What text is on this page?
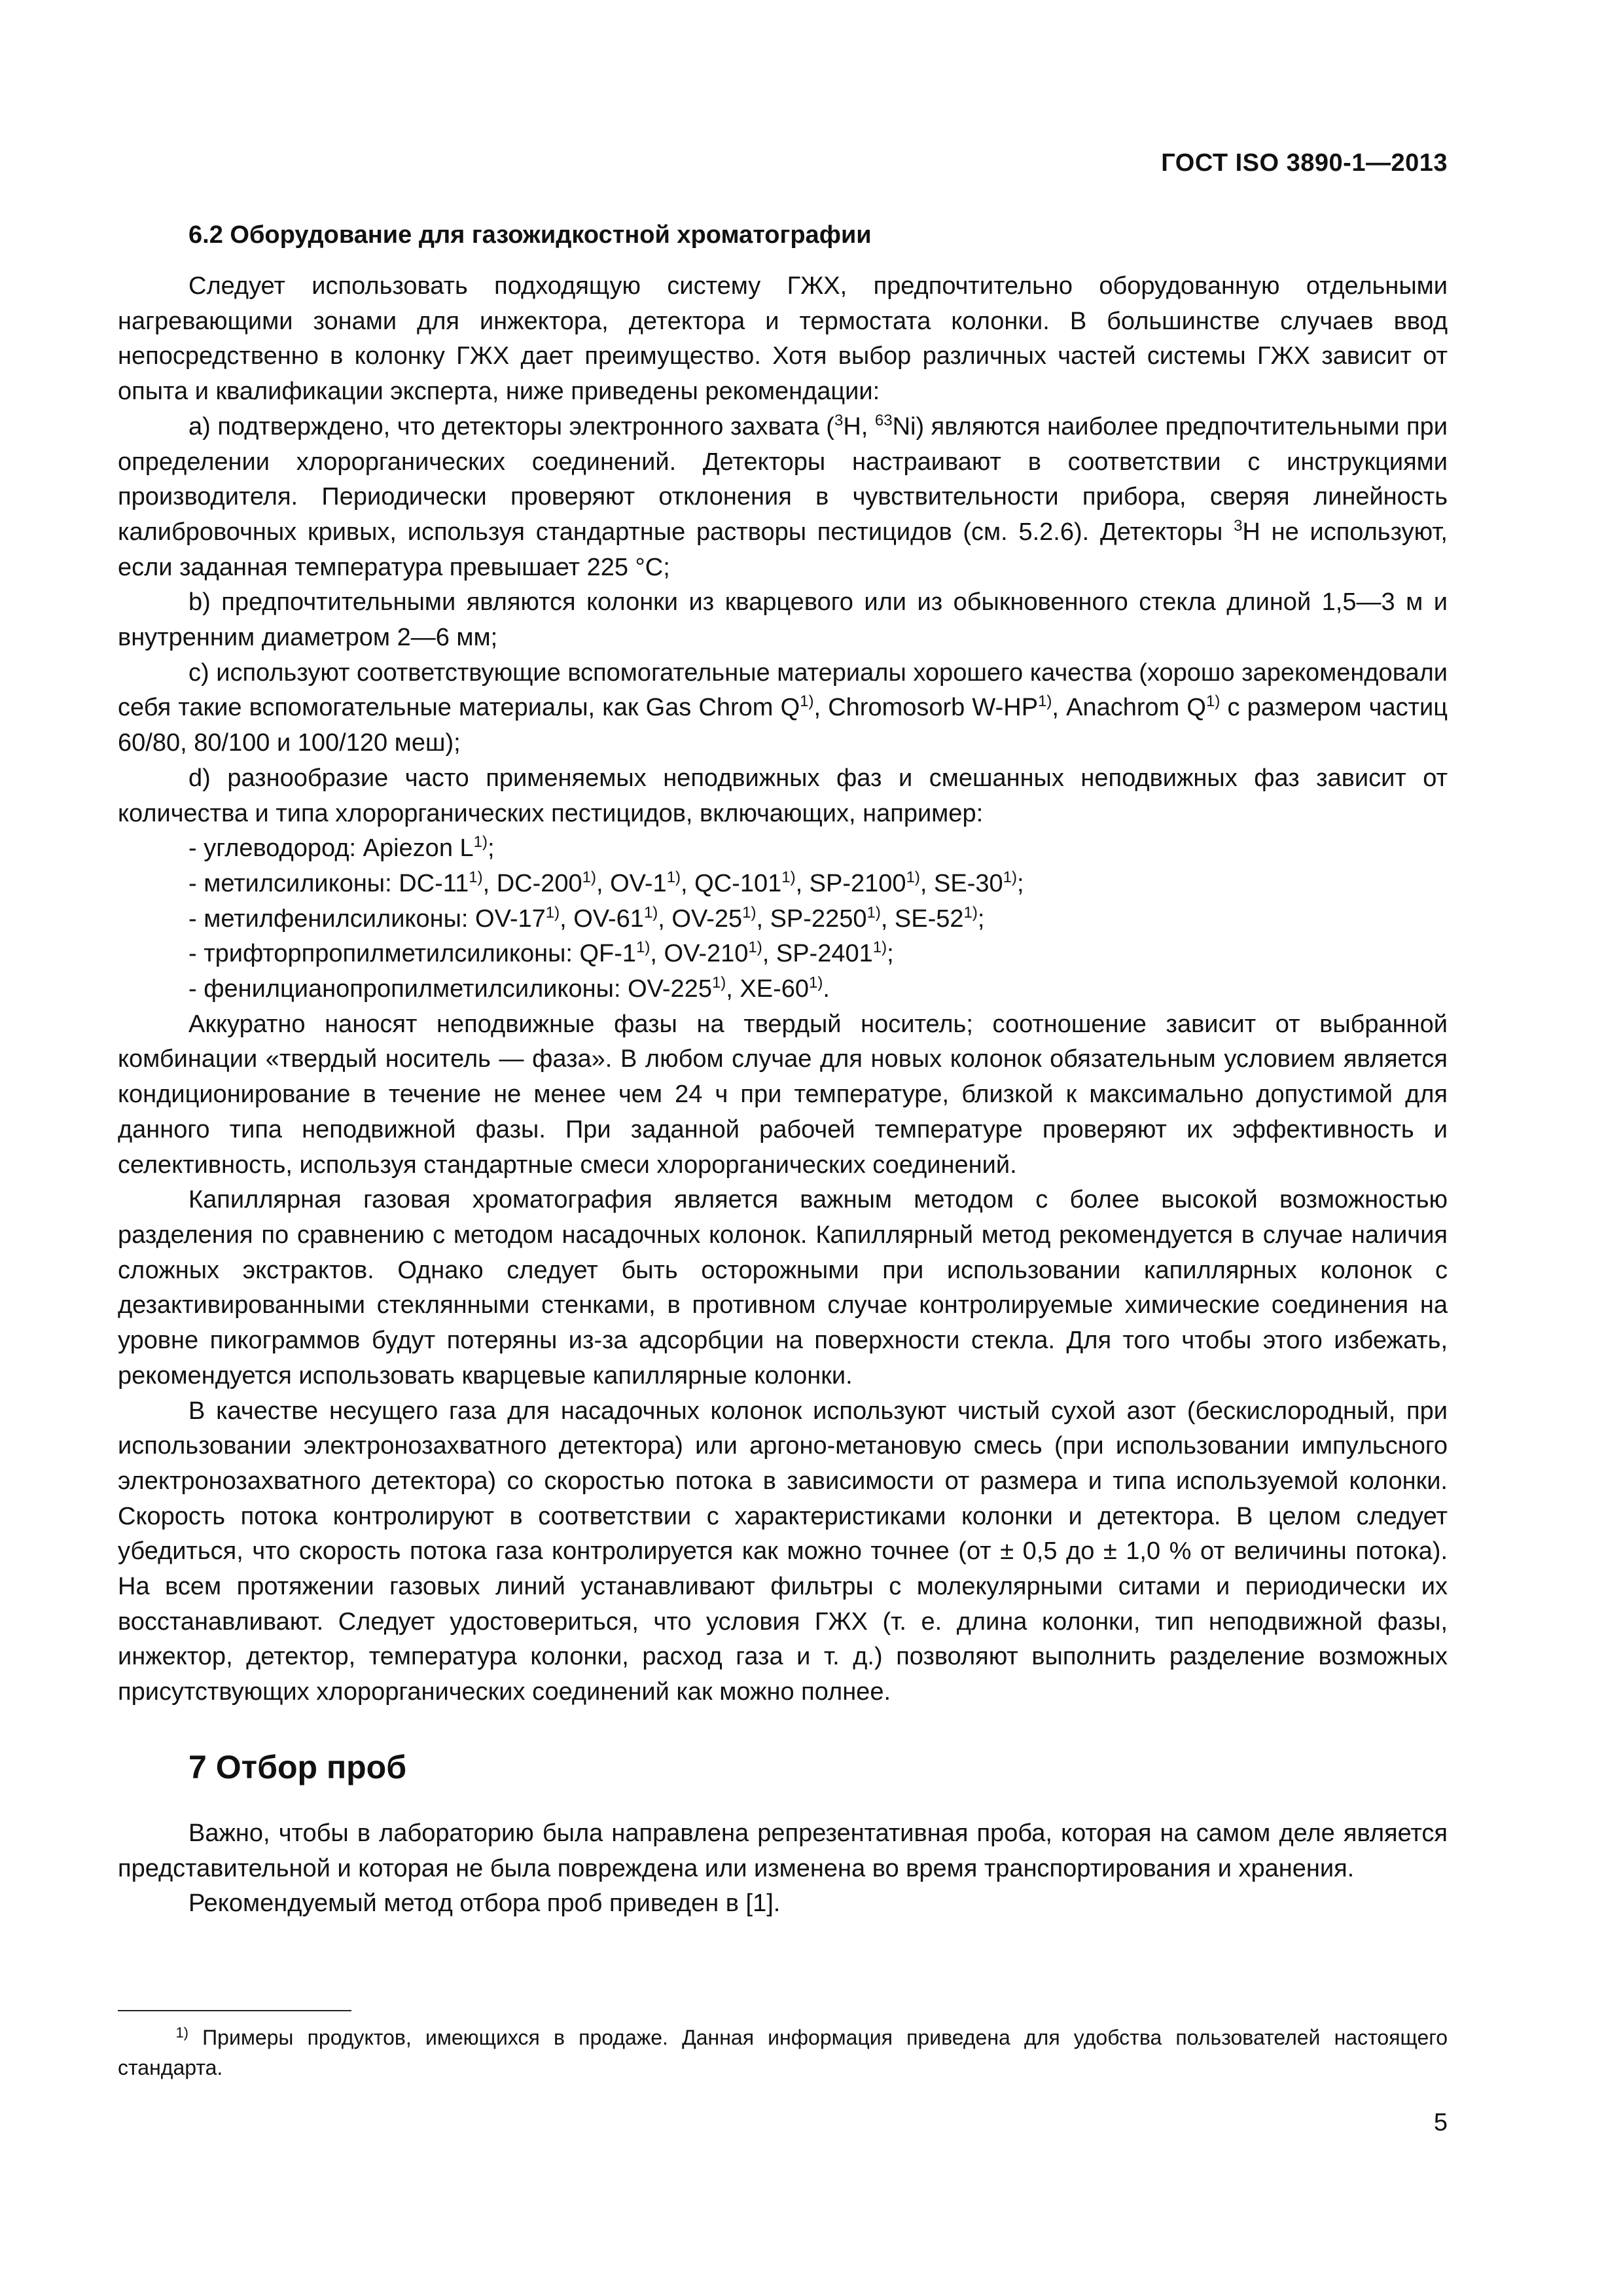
ГОСТ ISO 3890-1—2013
6.2 Оборудование для газожидкостной хроматографии

Следует использовать подходящую систему ГЖХ, предпочтительно оборудованную отдельными нагревающими зонами для инжектора, детектора и термостата колонки. В большинстве случаев ввод непосредственно в колонку ГЖХ дает преимущество. Хотя выбор различных частей системы ГЖХ зависит от опыта и квалификации эксперта, ниже приведены рекомендации:

а) подтверждено, что детекторы электронного захвата ($^3$H, $^{63}$Ni) являются наиболее предпочтительными при определении хлорорганических соединений. Детекторы настраивают в соответствии с инструкциями производителя. Периодически проверяют отклонения в чувствительности прибора, сверяя линейность калибровочных кривых, используя стандартные растворы пестицидов (см. 5.2.6). Детекторы $^3$H не используют, если заданная температура превышает 225 °С;

b) предпочтительными являются колонки из кварцевого или из обыкновенного стекла длиной 1,5—3 м и внутренним диаметром 2—6 мм;

с) используют соответствующие вспомогательные материалы хорошего качества (хорошо зарекомендовали себя такие вспомогательные материалы, как Gas Chrom $Q^{1)}$, Chromosorb W-HP$^{1)}$, Anachrom $Q^{1)}$ с размером частиц 60/80, 80/100 и 100/120 меш);

d) разнообразие часто применяемых неподвижных фаз и смешанных неподвижных фаз зависит от количества и типа хлорорганических пестицидов, включающих, например:

- углеводород: Apiezon $L^{1)}$;
- метилсиликоны: DC-11$^{1)}$, DC-200$^{1)}$, OV-1$^{1)}$, QC-101$^{1)}$, SP-2100$^{1)}$, SE-30$^{1)}$;
- метилфенилсиликоны: OV-17$^{1)}$, OV-61$^{1)}$, OV-25$^{1)}$, SP-2250$^{1)}$, SE-52$^{1)}$;
- трифторпропилметилсиликоны: QF-1$^{1)}$, OV-210$^{1)}$, SP-2401$^{1)}$;
- фенилцианопропилметилсиликоны: OV-225$^{1)}$, XE-60$^{1)}$.

Аккуратно наносят неподвижные фазы на твердый носитель; соотношение зависит от выбранной комбинации «твердый носитель — фаза». В любом случае для новых колонок обязательным условием является кондиционирование в течение не менее чем 24 ч при температуре, близкой к максимально допустимой для данного типа неподвижной фазы. При заданной рабочей температуре проверяют их эффективность и селективность, используя стандартные смеси хлорорганических соединений.

Капиллярная газовая хроматография является важным методом с более высокой возможностью разделения по сравнению с методом насадочных колонок. Капиллярный метод рекомендуется в случае наличия сложных экстрактов. Однако следует быть осторожными при использовании капиллярных колонок с дезактивированными стеклянными стенками, в противном случае контролируемые химические соединения на уровне пикограммов будут потеряны из-за адсорбции на поверхности стекла. Для того чтобы этого избежать, рекомендуется использовать кварцевые капиллярные колонки.

В качестве несущего газа для насадочных колонок используют чистый сухой азот (бескислородный, при использовании электронозахватного детектора) или аргоно-метановую смесь (при использовании импульсного электронозахватного детектора) со скоростью потока в зависимости от размера и типа используемой колонки. Скорость потока контролируют в соответствии с характеристиками колонки и детектора. В целом следует убедиться, что скорость потока газа контролируется как можно точнее (от ± 0,5 до ± 1,0 % от величины потока). На всем протяжении газовых линий устанавливают фильтры с молекулярными ситами и периодически их восстанавливают. Следует удостовериться, что условия ГЖХ (т. е. длина колонки, тип неподвижной фазы, инжектор, детектор, температура колонки, расход газа и т. д.) позволяют выполнить разделение возможных присутствующих хлорорганических соединений как можно полнее.

7 Отбор проб

Важно, чтобы в лабораторию была направлена репрезентативная проба, которая на самом деле является представительной и которая не была повреждена или изменена во время транспортирования и хранения.

Рекомендуемый метод отбора проб приведен в [1].

$^{1)}$ Примеры продуктов, имеющихся в продаже. Данная информация приведена для удобства пользователей настоящего стандарта.
5
